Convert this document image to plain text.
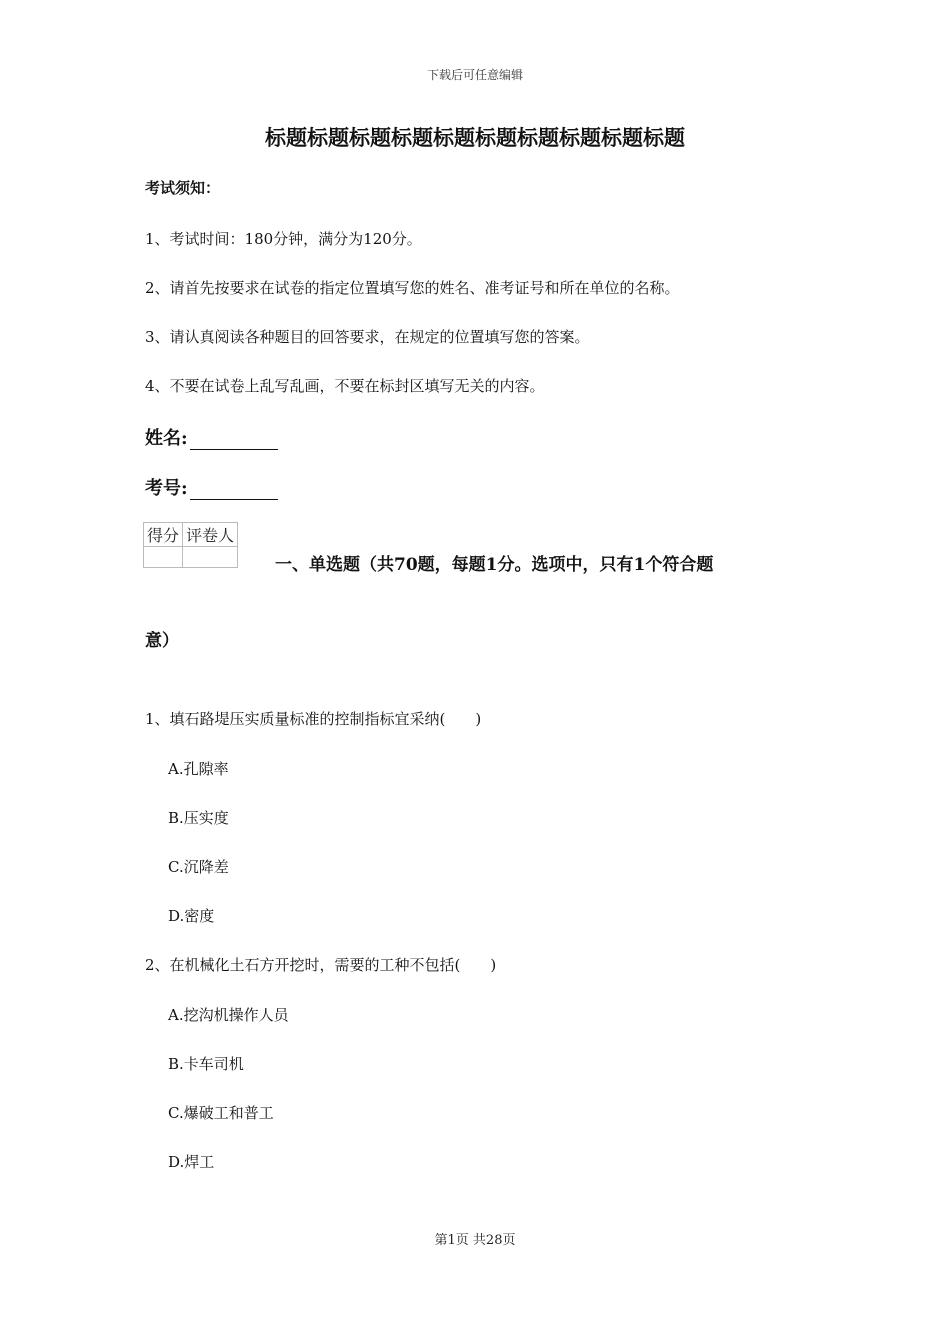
下载后可任意编辑
标题标题标题标题标题标题标题标题标题标题
考试须知：
1、考试时间：180分钟，满分为120分。
2、请首先按要求在试卷的指定位置填写您的姓名、准考证号和所在单位的名称。
3、请认真阅读各种题目的回答要求，在规定的位置填写您的答案。
4、不要在试卷上乱写乱画，不要在标封区填写无关的内容。
姓名:
考号:
得分	评卷人

一、单选题（共70题，每题1分。选项中，只有1个符合题
意）
1、填石路堤压实质量标准的控制指标宜采纳(　　)
A.孔隙率
B.压实度
C.沉降差
D.密度
2、在机械化土石方开挖时，需要的工种不包括(　　)
A.挖沟机操作人员
B.卡车司机
C.爆破工和普工
D.焊工
第1页 共28页
